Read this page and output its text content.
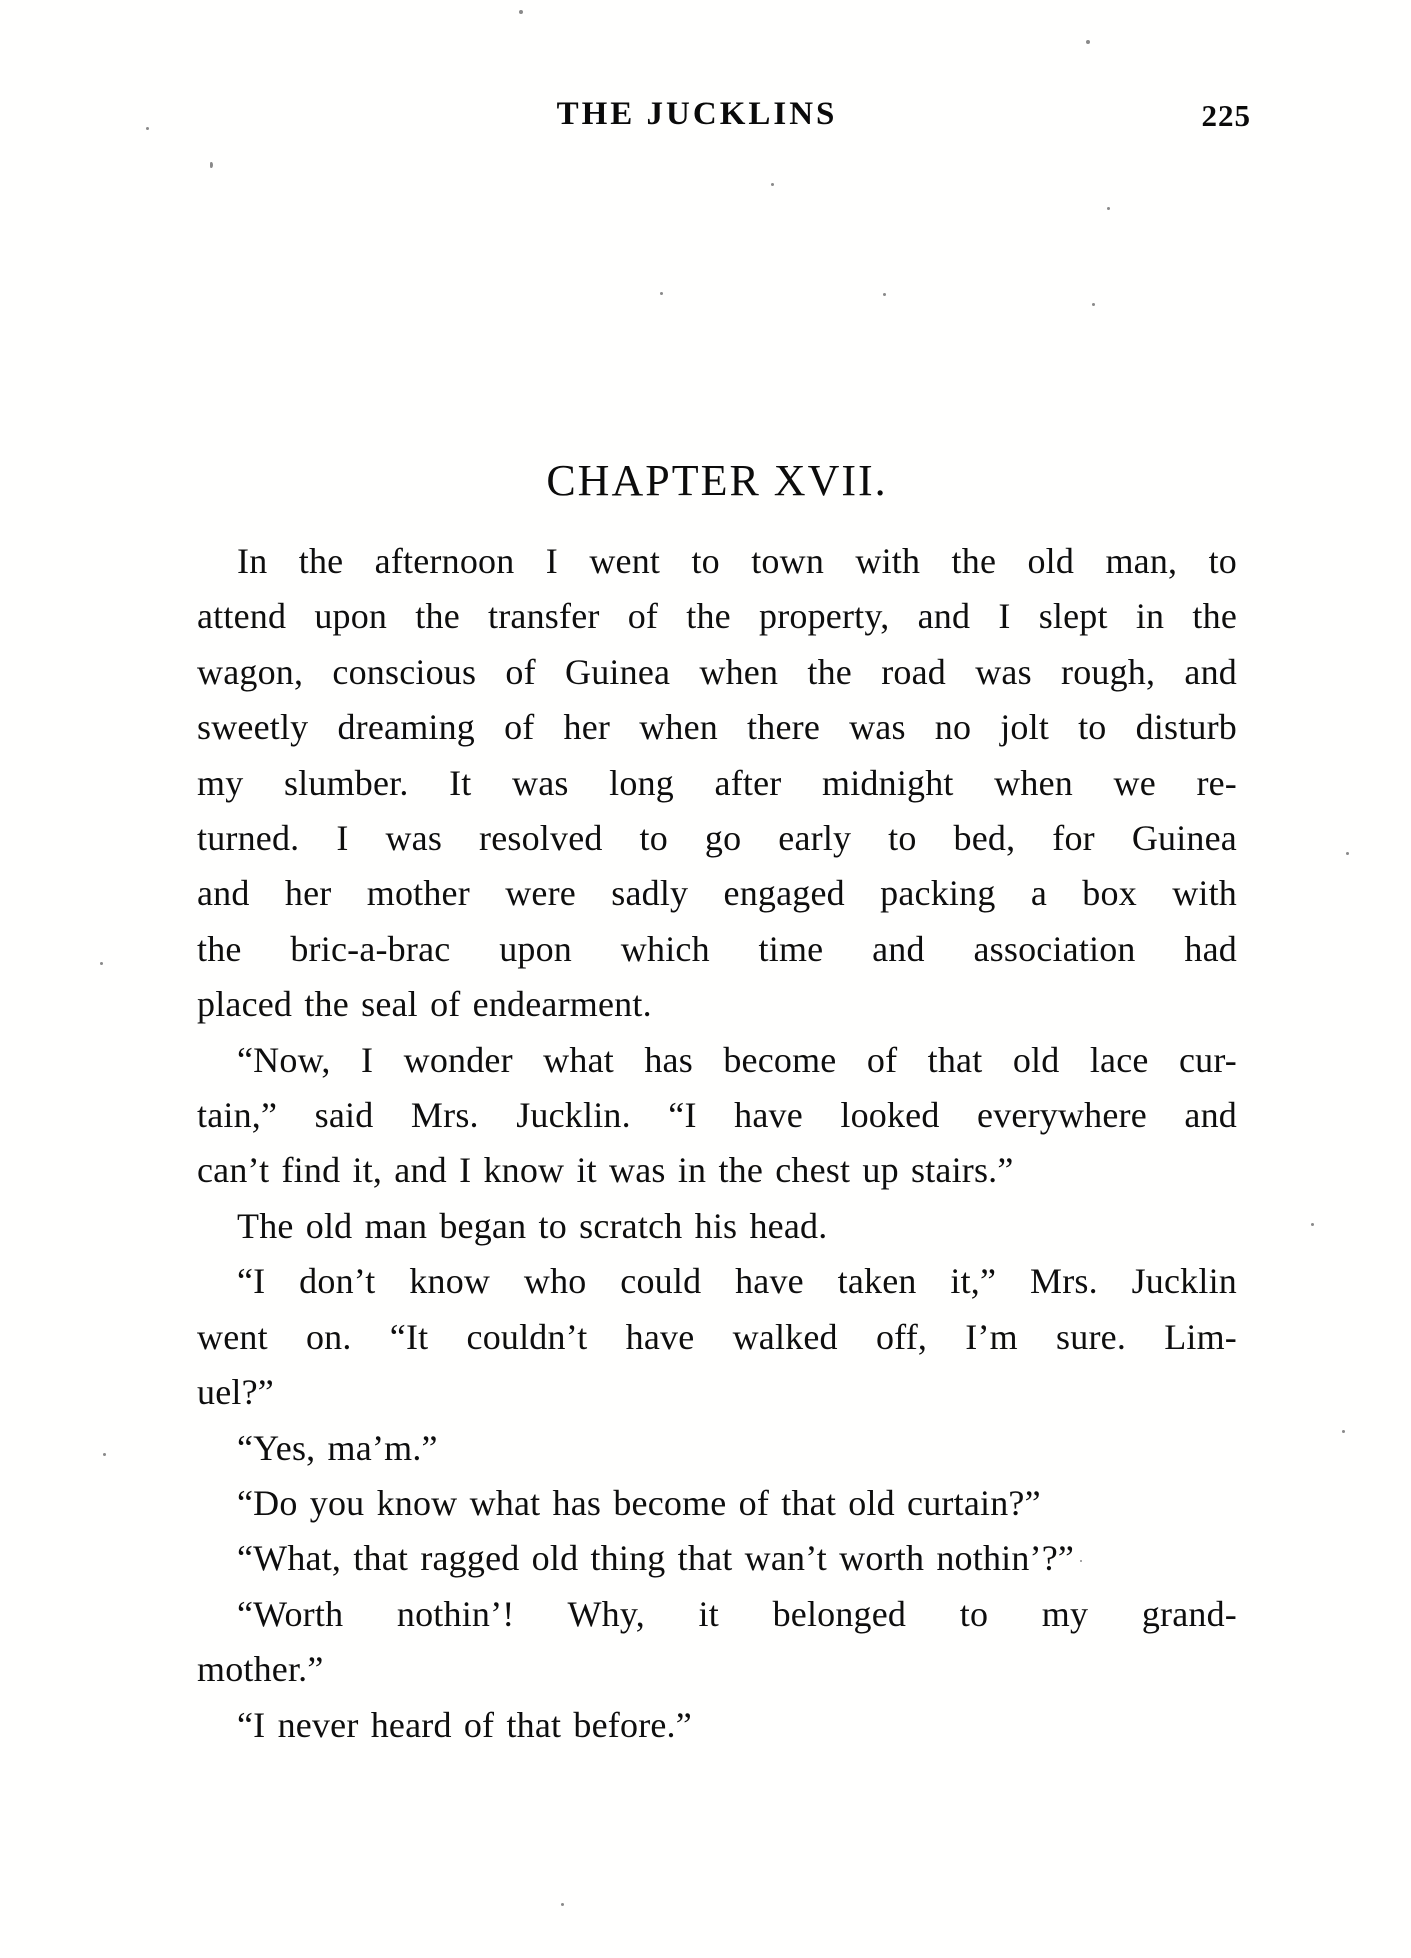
THE JUCKLINS	225
CHAPTER XVII.
In the afternoon I went to town with the old man, to
attend upon the transfer of the property, and I slept in the
wagon, conscious of Guinea when the road was rough, and
sweetly dreaming of her when there was no jolt to disturb
my slumber. It was long after midnight when we re-
turned. I was resolved to go early to bed, for Guinea
and her mother were sadly engaged packing a box with
the bric-a-brac upon which time and association had
placed the seal of endearment.
“Now, I wonder what has become of that old lace cur-
tain,” said Mrs. Jucklin. “I have looked everywhere and
can’t find it, and I know it was in the chest up stairs.”
The old man began to scratch his head.
“I don’t know who could have taken it,” Mrs. Jucklin
went on. “It couldn’t have walked off, I’m sure. Lim-
uel?”
“Yes, ma’m.”
“Do you know what has become of that old curtain?”
“What, that ragged old thing that wan’t worth nothin’?”
“Worth nothin’! Why, it belonged to my grand-
mother.”
“I never heard of that before.”
